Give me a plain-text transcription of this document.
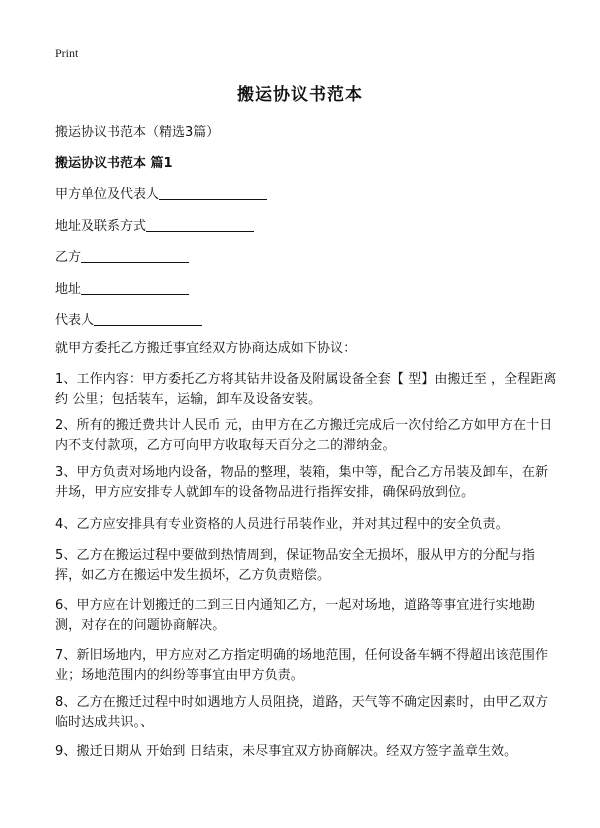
Print
搬运协议书范本
搬运协议书范本（精选3篇）
搬运协议书范本 篇1
甲方单位及代表人
地址及联系方式
乙方
地址
代表人
就甲方委托乙方搬迁事宜经双方协商达成如下协议：
1、工作内容：甲方委托乙方将其钻井设备及附属设备全套【 型】由搬迁至 ，全程距离约 公里；包括装车，运输，卸车及设备安装。
2、所有的搬迁费共计人民币 元，由甲方在乙方搬迁完成后一次付给乙方如甲方在十日内不支付款项，乙方可向甲方收取每天百分之二的滞纳金。
3、甲方负责对场地内设备，物品的整理，装箱，集中等，配合乙方吊装及卸车，在新井场，甲方应安排专人就卸车的设备物品进行指挥安排，确保码放到位。
4、乙方应安排具有专业资格的人员进行吊装作业，并对其过程中的安全负责。
5、乙方在搬运过程中要做到热情周到，保证物品安全无损坏，服从甲方的分配与指挥，如乙方在搬运中发生损坏，乙方负责赔偿。
6、甲方应在计划搬迁的二到三日内通知乙方，一起对场地，道路等事宜进行实地勘测，对存在的问题协商解决。
7、新旧场地内，甲方应对乙方指定明确的场地范围，任何设备车辆不得超出该范围作业；场地范围内的纠纷等事宜由甲方负责。
8、乙方在搬迁过程中时如遇地方人员阻挠，道路，天气等不确定因素时，由甲乙双方临时达成共识。、
9、搬迁日期从 开始到 日结束，未尽事宜双方协商解决。经双方签字盖章生效。
